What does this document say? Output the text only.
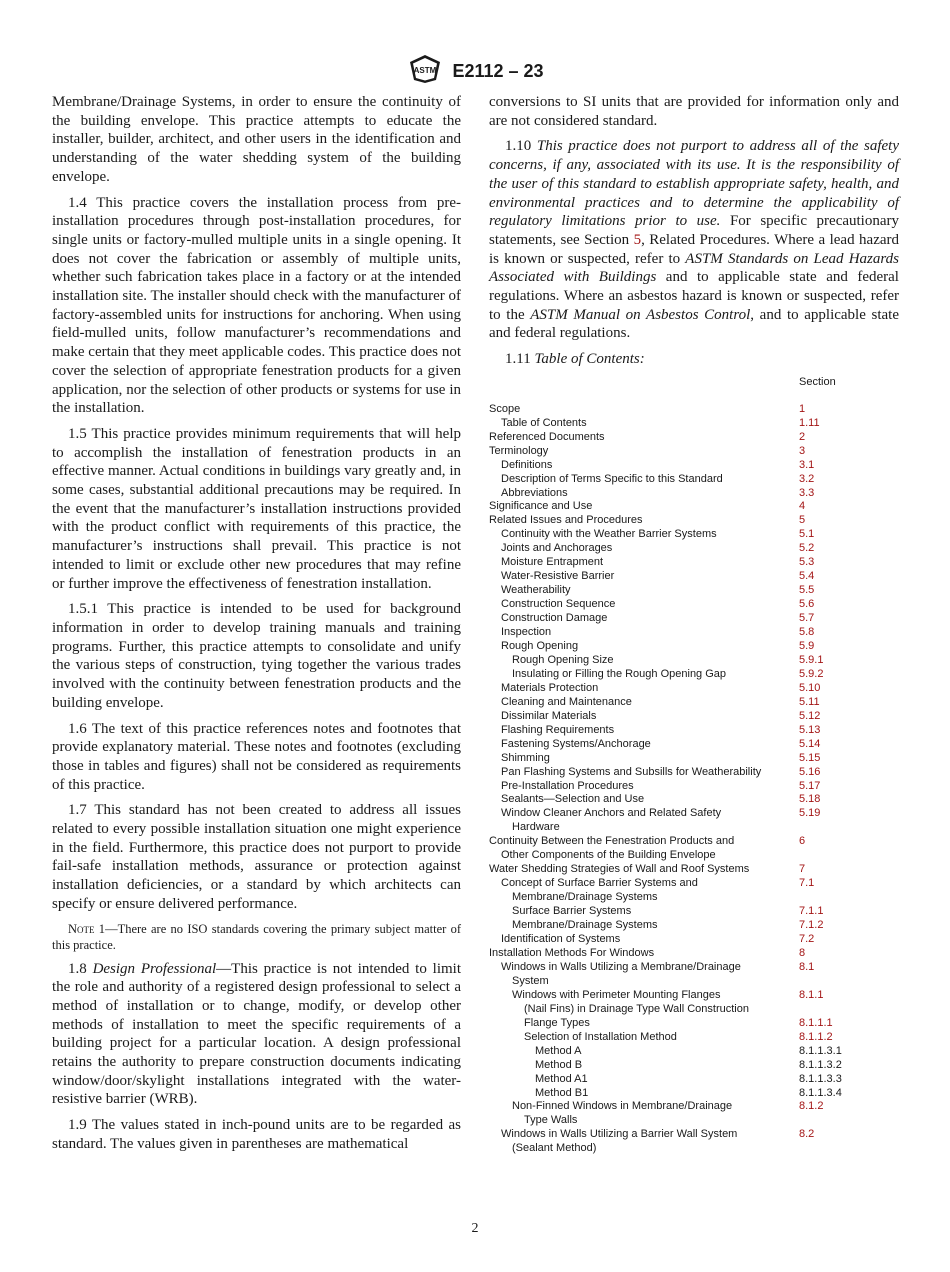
ASTM E2112 – 23

Membrane/Drainage Systems, in order to ensure the continuity of the building envelope. This practice attempts to educate the installer, builder, architect, and other users in the identification and understanding of the water shedding system of the building envelope.

1.4 This practice covers the installation process from pre-installation procedures through post-installation procedures, for single units or factory-mulled multiple units in a single opening. It does not cover the fabrication or assembly of multiple units, whether such fabrication takes place in a factory or at the intended installation site. The installer should check with the manufacturer of factory-assembled units for instructions for anchoring. When using field-mulled units, follow manufacturer’s recommendations and make certain that they meet applicable codes. This practice does not cover the selection of appropriate fenestration products for a given application, nor the selection of other products or systems for use in the installation.

1.5 This practice provides minimum requirements that will help to accomplish the installation of fenestration products in an effective manner. Actual conditions in buildings vary greatly and, in some cases, substantial additional precautions may be required. In the event that the manufacturer’s installation instructions provided with the product conflict with requirements of this practice, the manufacturer’s instructions shall prevail. This practice is not intended to limit or exclude other new procedures that may refine or further improve the effectiveness of fenestration installation.

1.5.1 This practice is intended to be used for background information in order to develop training manuals and training programs. Further, this practice attempts to consolidate and unify the various steps of construction, tying together the various trades involved with the continuity between fenestration products and the building envelope.

1.6 The text of this practice references notes and footnotes that provide explanatory material. These notes and footnotes (excluding those in tables and figures) shall not be considered as requirements of this practice.

1.7 This standard has not been created to address all issues related to every possible installation situation one might experience in the field. Furthermore, this practice does not purport to provide fail-safe installation methods, assurance or protection against installation deficiencies, or a standard by which architects can specify or ensure delivered performance.

Note 1—There are no ISO standards covering the primary subject matter of this practice.

1.8 Design Professional—This practice is not intended to limit the role and authority of a registered design professional to select a method of installation or to change, modify, or develop other methods of installation to meet the specific requirements of a building project for a particular location. A design professional retains the authority to prepare construction documents indicating window/door/skylight installations integrated with the water-resistive barrier (WRB).

1.9 The values stated in inch-pound units are to be regarded as standard. The values given in parentheses are mathematical

conversions to SI units that are provided for information only and are not considered standard.

1.10 This practice does not purport to address all of the safety concerns, if any, associated with its use. It is the responsibility of the user of this standard to establish appropriate safety, health, and environmental practices and to determine the applicability of regulatory limitations prior to use. For specific precautionary statements, see Section 5, Related Procedures. Where a lead hazard is known or suspected, refer to ASTM Standards on Lead Hazards Associated with Buildings and to applicable state and federal regulations. Where an asbestos hazard is known or suspected, refer to the ASTM Manual on Asbestos Control, and to applicable state and federal regulations.

1.11 Table of Contents:

Section
Scope	1
Table of Contents	1.11
Referenced Documents	2
Terminology	3
Definitions	3.1
Description of Terms Specific to this Standard	3.2
Abbreviations	3.3
Significance and Use	4
Related Issues and Procedures	5
Continuity with the Weather Barrier Systems	5.1
Joints and Anchorages	5.2
Moisture Entrapment	5.3
Water-Resistive Barrier	5.4
Weatherability	5.5
Construction Sequence	5.6
Construction Damage	5.7
Inspection	5.8
Rough Opening	5.9
Rough Opening Size	5.9.1
Insulating or Filling the Rough Opening Gap	5.9.2
Materials Protection	5.10
Cleaning and Maintenance	5.11
Dissimilar Materials	5.12
Flashing Requirements	5.13
Fastening Systems/Anchorage	5.14
Shimming	5.15
Pan Flashing Systems and Subsills for Weatherability	5.16
Pre-Installation Procedures	5.17
Sealants—Selection and Use	5.18
Window Cleaner Anchors and Related Safety	5.19
Hardware
Continuity Between the Fenestration Products and	6
Other Components of the Building Envelope
Water Shedding Strategies of Wall and Roof Systems	7
Concept of Surface Barrier Systems and	7.1
Membrane/Drainage Systems
Surface Barrier Systems	7.1.1
Membrane/Drainage Systems	7.1.2
Identification of Systems	7.2
Installation Methods For Windows	8
Windows in Walls Utilizing a Membrane/Drainage	8.1
System
Windows with Perimeter Mounting Flanges	8.1.1
(Nail Fins) in Drainage Type Wall Construction
Flange Types	8.1.1.1
Selection of Installation Method	8.1.1.2
Method A	8.1.1.3.1
Method B	8.1.1.3.2
Method A1	8.1.1.3.3
Method B1	8.1.1.3.4
Non-Finned Windows in Membrane/Drainage	8.1.2
Type Walls
Windows in Walls Utilizing a Barrier Wall System	8.2
(Sealant Method)
2
